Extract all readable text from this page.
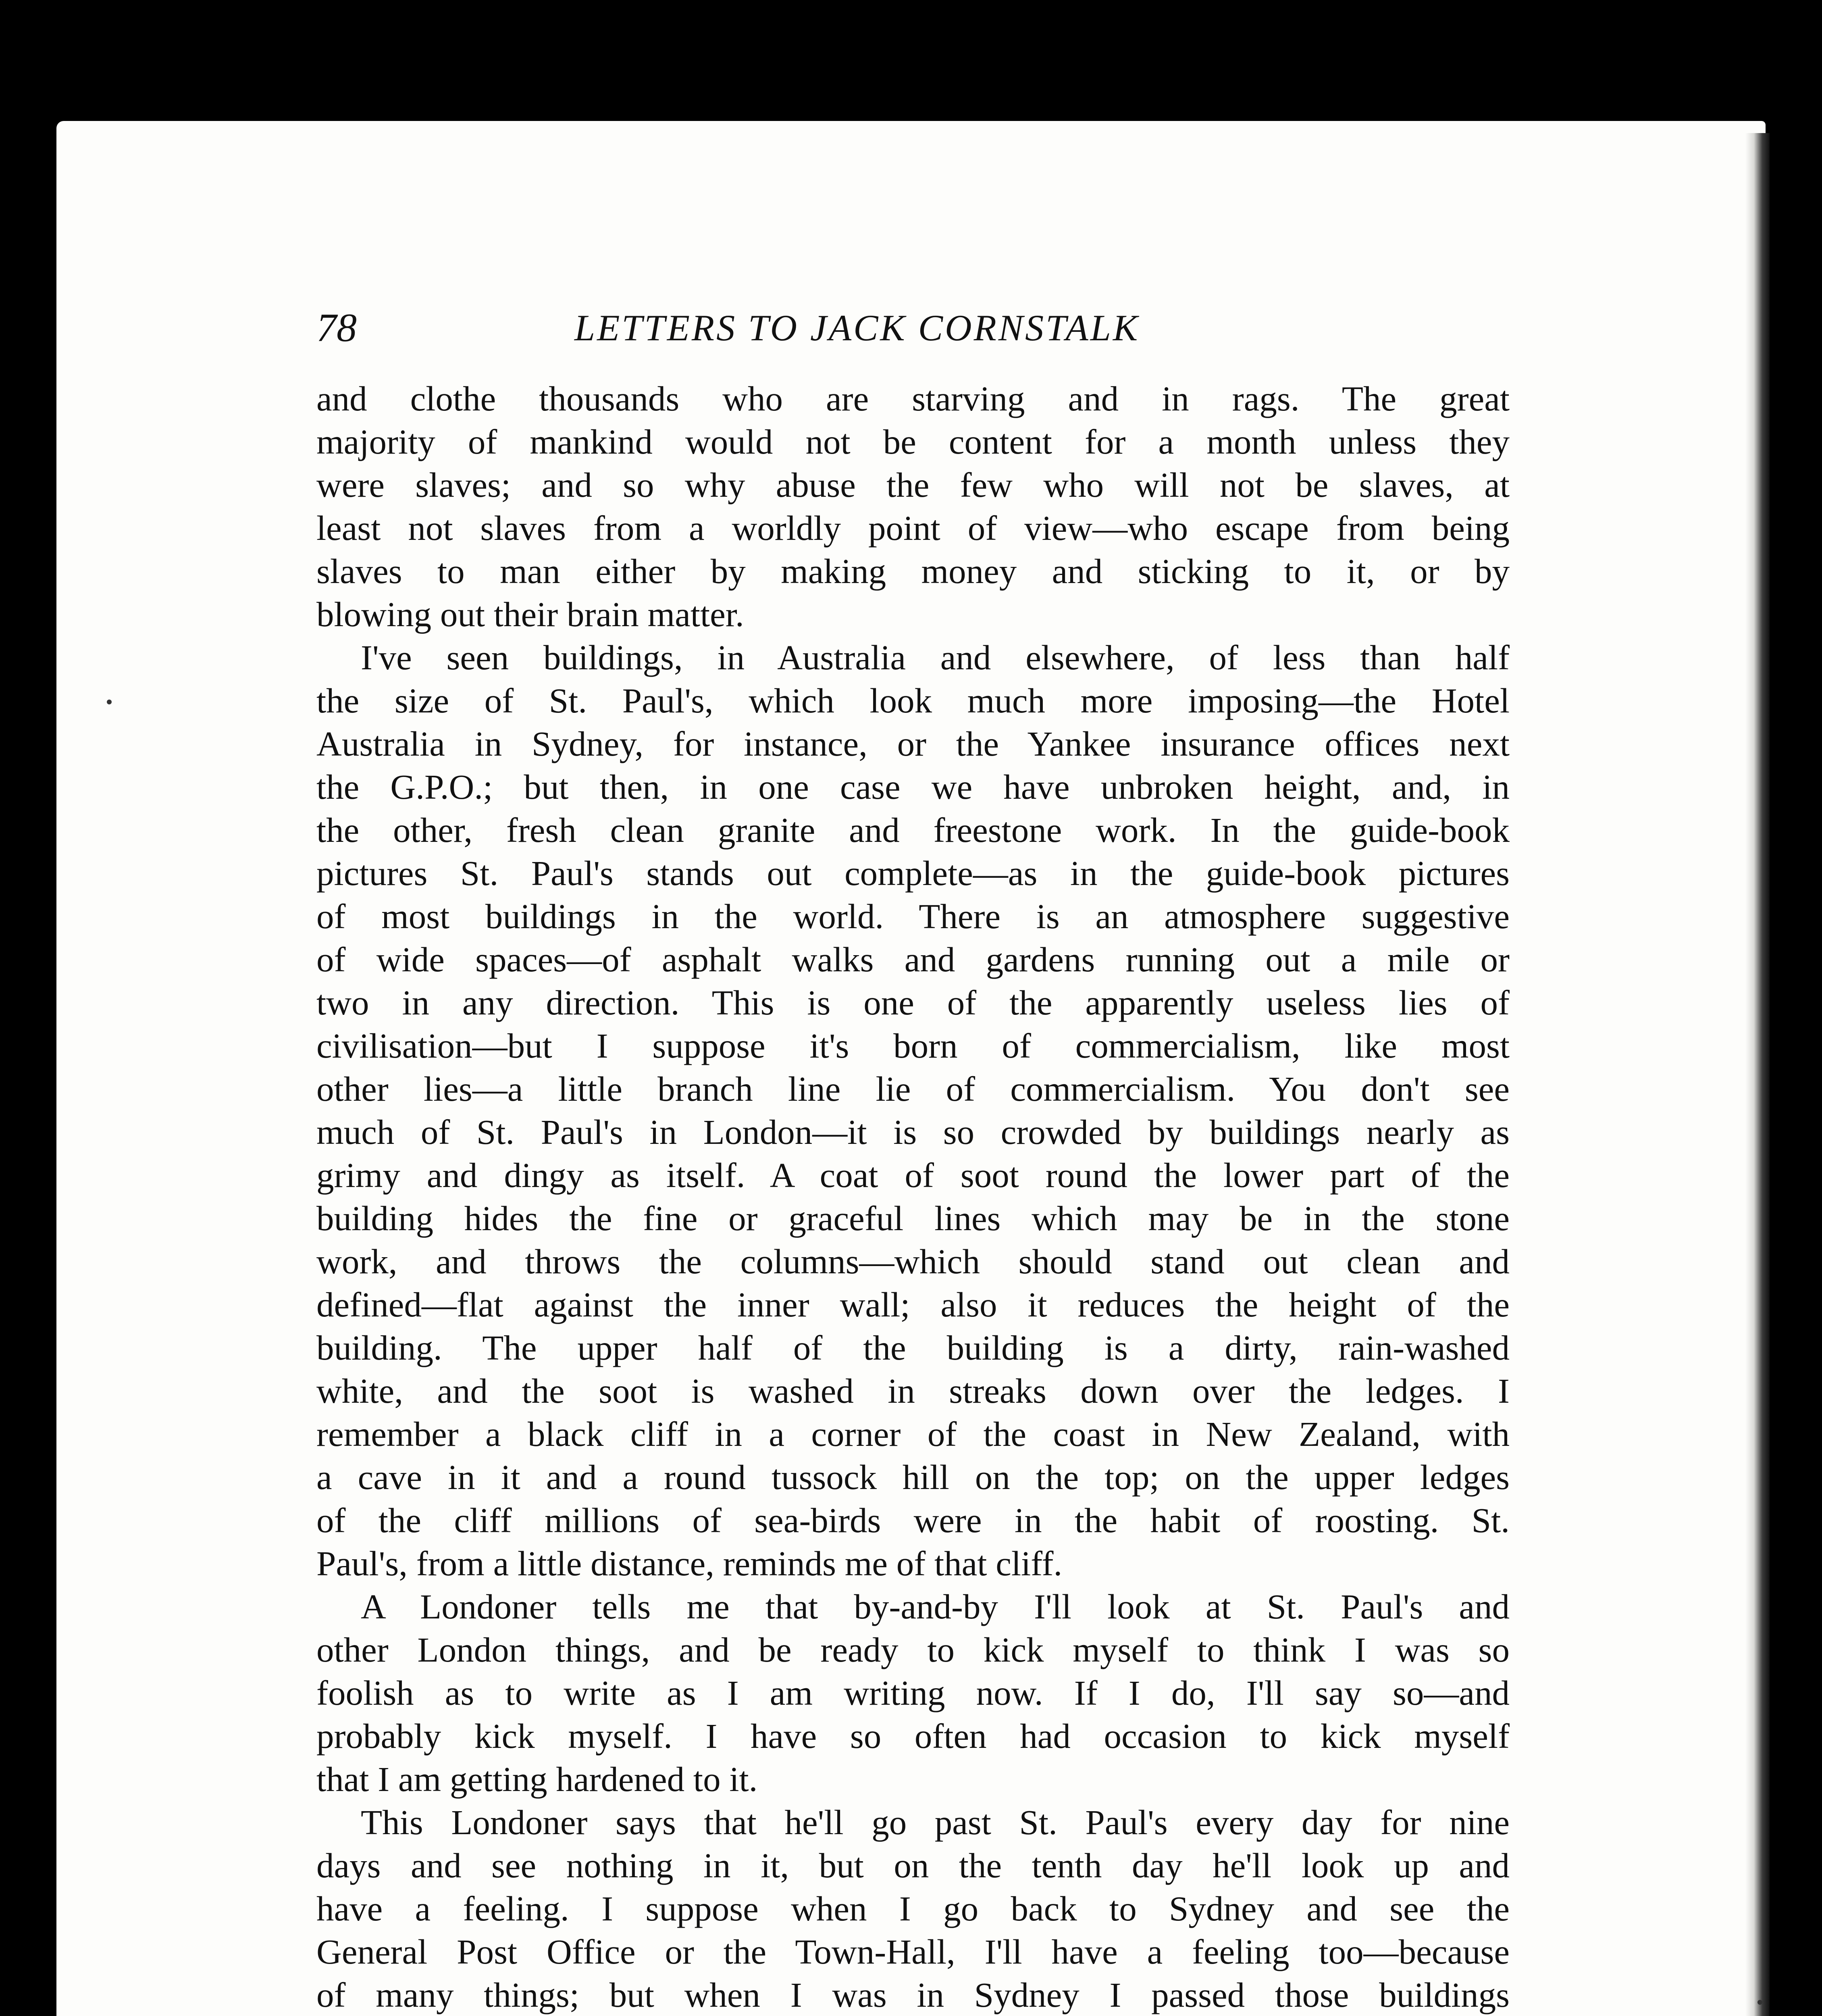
78	LETTERS TO JACK CORNSTALK
and clothe thousands who are starving and in rags. The great
majority of mankind would not be content for a month unless they
were slaves; and so why abuse the few who will not be slaves, at
least not slaves from a worldly point of view—who escape from being
slaves to man either by making money and sticking to it, or by
blowing out their brain matter.
I've seen buildings, in Australia and elsewhere, of less than half
the size of St. Paul's, which look much more imposing—the Hotel
Australia in Sydney, for instance, or the Yankee insurance offices next
the G.P.O.; but then, in one case we have unbroken height, and, in
the other, fresh clean granite and freestone work. In the guide-book
pictures St. Paul's stands out complete—as in the guide-book pictures
of most buildings in the world. There is an atmosphere suggestive
of wide spaces—of asphalt walks and gardens running out a mile or
two in any direction. This is one of the apparently useless lies of
civilisation—but I suppose it's born of commercialism, like most
other lies—a little branch line lie of commercialism. You don't see
much of St. Paul's in London—it is so crowded by buildings nearly as
grimy and dingy as itself. A coat of soot round the lower part of the
building hides the fine or graceful lines which may be in the stone
work, and throws the columns—which should stand out clean and
defined—flat against the inner wall; also it reduces the height of the
building. The upper half of the building is a dirty, rain-washed
white, and the soot is washed in streaks down over the ledges. I
remember a black cliff in a corner of the coast in New Zealand, with
a cave in it and a round tussock hill on the top; on the upper ledges
of the cliff millions of sea-birds were in the habit of roosting. St.
Paul's, from a little distance, reminds me of that cliff.
A Londoner tells me that by-and-by I'll look at St. Paul's and
other London things, and be ready to kick myself to think I was so
foolish as to write as I am writing now. If I do, I'll say so—and
probably kick myself. I have so often had occasion to kick myself
that I am getting hardened to it.
This Londoner says that he'll go past St. Paul's every day for nine
days and see nothing in it, but on the tenth day he'll look up and
have a feeling. I suppose when I go back to Sydney and see the
General Post Office or the Town-Hall, I'll have a feeling too—because
of many things; but when I was in Sydney I passed those buildings
